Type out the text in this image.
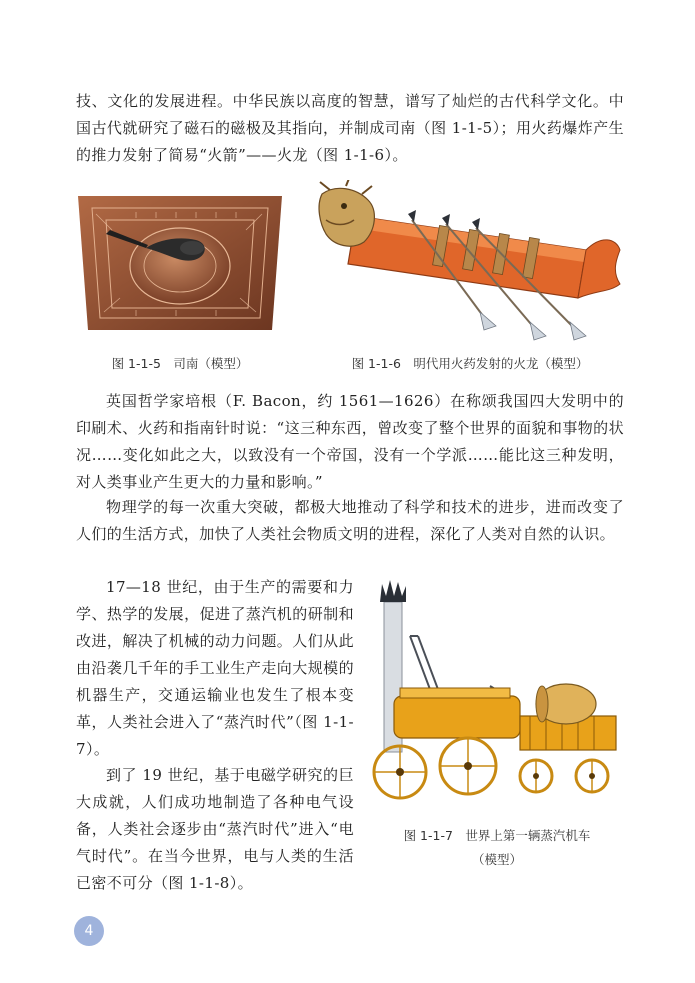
技、文化的发展进程。中华民族以高度的智慧，谱写了灿烂的古代科学文化。中国古代就研究了磁石的磁极及其指向，并制成司南（图 1-1-5）；用火药爆炸产生的推力发射了简易“火箭”——火龙（图 1-1-6）。

图 1-1-5　司南（模型）	图 1-1-6　明代用火药发射的火龙（模型）

英国哲学家培根（F. Bacon，约 1561—1626）在称颂我国四大发明中的印刷术、火药和指南针时说：“这三种东西，曾改变了整个世界的面貌和事物的状况……变化如此之大，以致没有一个帝国，没有一个学派……能比这三种发明，对人类事业产生更大的力量和影响。”

物理学的每一次重大突破，都极大地推动了科学和技术的进步，进而改变了人们的生活方式，加快了人类社会物质文明的进程，深化了人类对自然的认识。

17—18 世纪，由于生产的需要和力学、热学的发展，促进了蒸汽机的研制和改进，解决了机械的动力问题。人们从此由沿袭几千年的手工业生产走向大规模的机器生产，交通运输业也发生了根本变革，人类社会进入了“蒸汽时代”（图 1-1-7）。

到了 19 世纪，基于电磁学研究的巨大成就，人们成功地制造了各种电气设备，人类社会逐步由“蒸汽时代”进入“电气时代”。在当今世界，电与人类的生活已密不可分（图 1-1-8）。

图 1-1-7　世界上第一辆蒸汽机车
（模型）
4
